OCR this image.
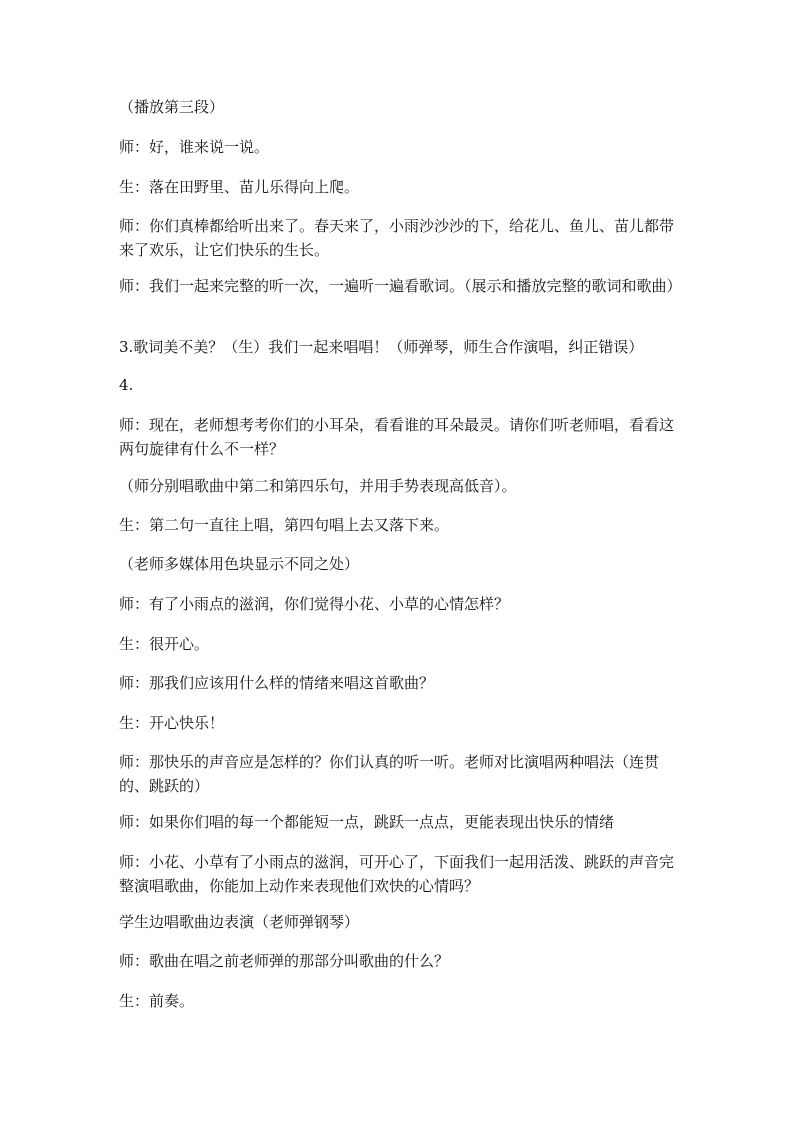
（播放第三段）

师：好，谁来说一说。

生：落在田野里、苗儿乐得向上爬。

师：你们真棒都给听出来了。春天来了，小雨沙沙沙的下，给花儿、鱼儿、苗儿都带来了欢乐，让它们快乐的生长。

师：我们一起来完整的听一次，一遍听一遍看歌词。（展示和播放完整的歌词和歌曲）

3.歌词美不美？（生）我们一起来唱唱！（师弹琴，师生合作演唱，纠正错误）

4.

师：现在，老师想考考你们的小耳朵，看看谁的耳朵最灵。请你们听老师唱，看看这两句旋律有什么不一样？

（师分别唱歌曲中第二和第四乐句，并用手势表现高低音）。

生：第二句一直往上唱，第四句唱上去又落下来。

（老师多媒体用色块显示不同之处）

师：有了小雨点的滋润，你们觉得小花、小草的心情怎样？

生：很开心。

师：那我们应该用什么样的情绪来唱这首歌曲？

生：开心快乐！

师：那快乐的声音应是怎样的？你们认真的听一听。老师对比演唱两种唱法（连贯的、跳跃的）

师：如果你们唱的每一个都能短一点，跳跃一点点，更能表现出快乐的情绪

师：小花、小草有了小雨点的滋润，可开心了，下面我们一起用活泼、跳跃的声音完整演唱歌曲，你能加上动作来表现他们欢快的心情吗？

学生边唱歌曲边表演（老师弹钢琴）

师：歌曲在唱之前老师弹的那部分叫歌曲的什么？

生：前奏。
